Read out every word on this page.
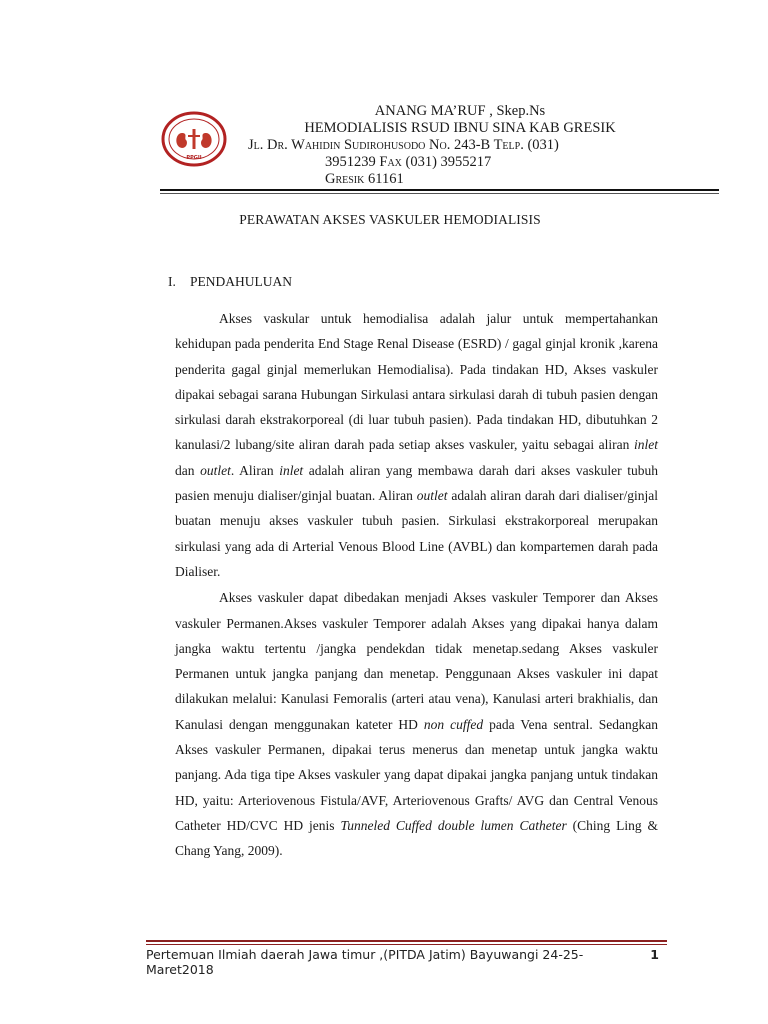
PPGII
ANANG MA’RUF , Skep.Ns
HEMODIALISIS RSUD IBNU SINA KAB GRESIK
Jl. Dr. Wahidin Sudirohusodo No. 243-B Telp. (031)
3951239 Fax (031) 3955217
Gresik 61161
PERAWATAN AKSES VASKULER HEMODIALISIS
I. PENDAHULUAN

Akses vaskular untuk hemodialisa adalah jalur untuk mempertahankan kehidupan pada penderita End Stage Renal Disease (ESRD) / gagal ginjal kronik ,karena penderita gagal ginjal memerlukan Hemodialisa). Pada tindakan HD, Akses vaskuler dipakai sebagai sarana Hubungan Sirkulasi antara sirkulasi darah di tubuh pasien dengan sirkulasi darah ekstrakorporeal (di luar tubuh pasien). Pada tindakan HD, dibutuhkan 2 kanulasi/2 lubang/site aliran darah pada setiap akses vaskuler, yaitu sebagai aliran inlet dan outlet. Aliran inlet adalah aliran yang membawa darah dari akses vaskuler tubuh pasien menuju dialiser/ginjal buatan. Aliran outlet adalah aliran darah dari dialiser/ginjal buatan menuju akses vaskuler tubuh pasien. Sirkulasi ekstrakorporeal merupakan sirkulasi yang ada di Arterial Venous Blood Line (AVBL) dan kompartemen darah pada Dialiser.

Akses vaskuler dapat dibedakan menjadi Akses vaskuler Temporer dan Akses vaskuler Permanen.Akses vaskuler Temporer adalah Akses yang dipakai hanya dalam jangka waktu tertentu /jangka pendekdan tidak menetap.sedang Akses vaskuler Permanen untuk jangka panjang dan menetap. Penggunaan Akses vaskuler ini dapat dilakukan melalui: Kanulasi Femoralis (arteri atau vena), Kanulasi arteri brakhialis, dan Kanulasi dengan menggunakan kateter HD non cuffed pada Vena sentral. Sedangkan Akses vaskuler Permanen, dipakai terus menerus dan menetap untuk jangka waktu panjang. Ada tiga tipe Akses vaskuler yang dapat dipakai jangka panjang untuk tindakan HD, yaitu: Arteriovenous Fistula/AVF, Arteriovenous Grafts/ AVG dan Central Venous Catheter HD/CVC HD jenis Tunneled Cuffed double lumen Catheter (Ching Ling & Chang Yang, 2009).

Pertemuan Ilmiah daerah Jawa timur ,(PITDA Jatim) Bayuwangi 24-25-Maret2018
1
